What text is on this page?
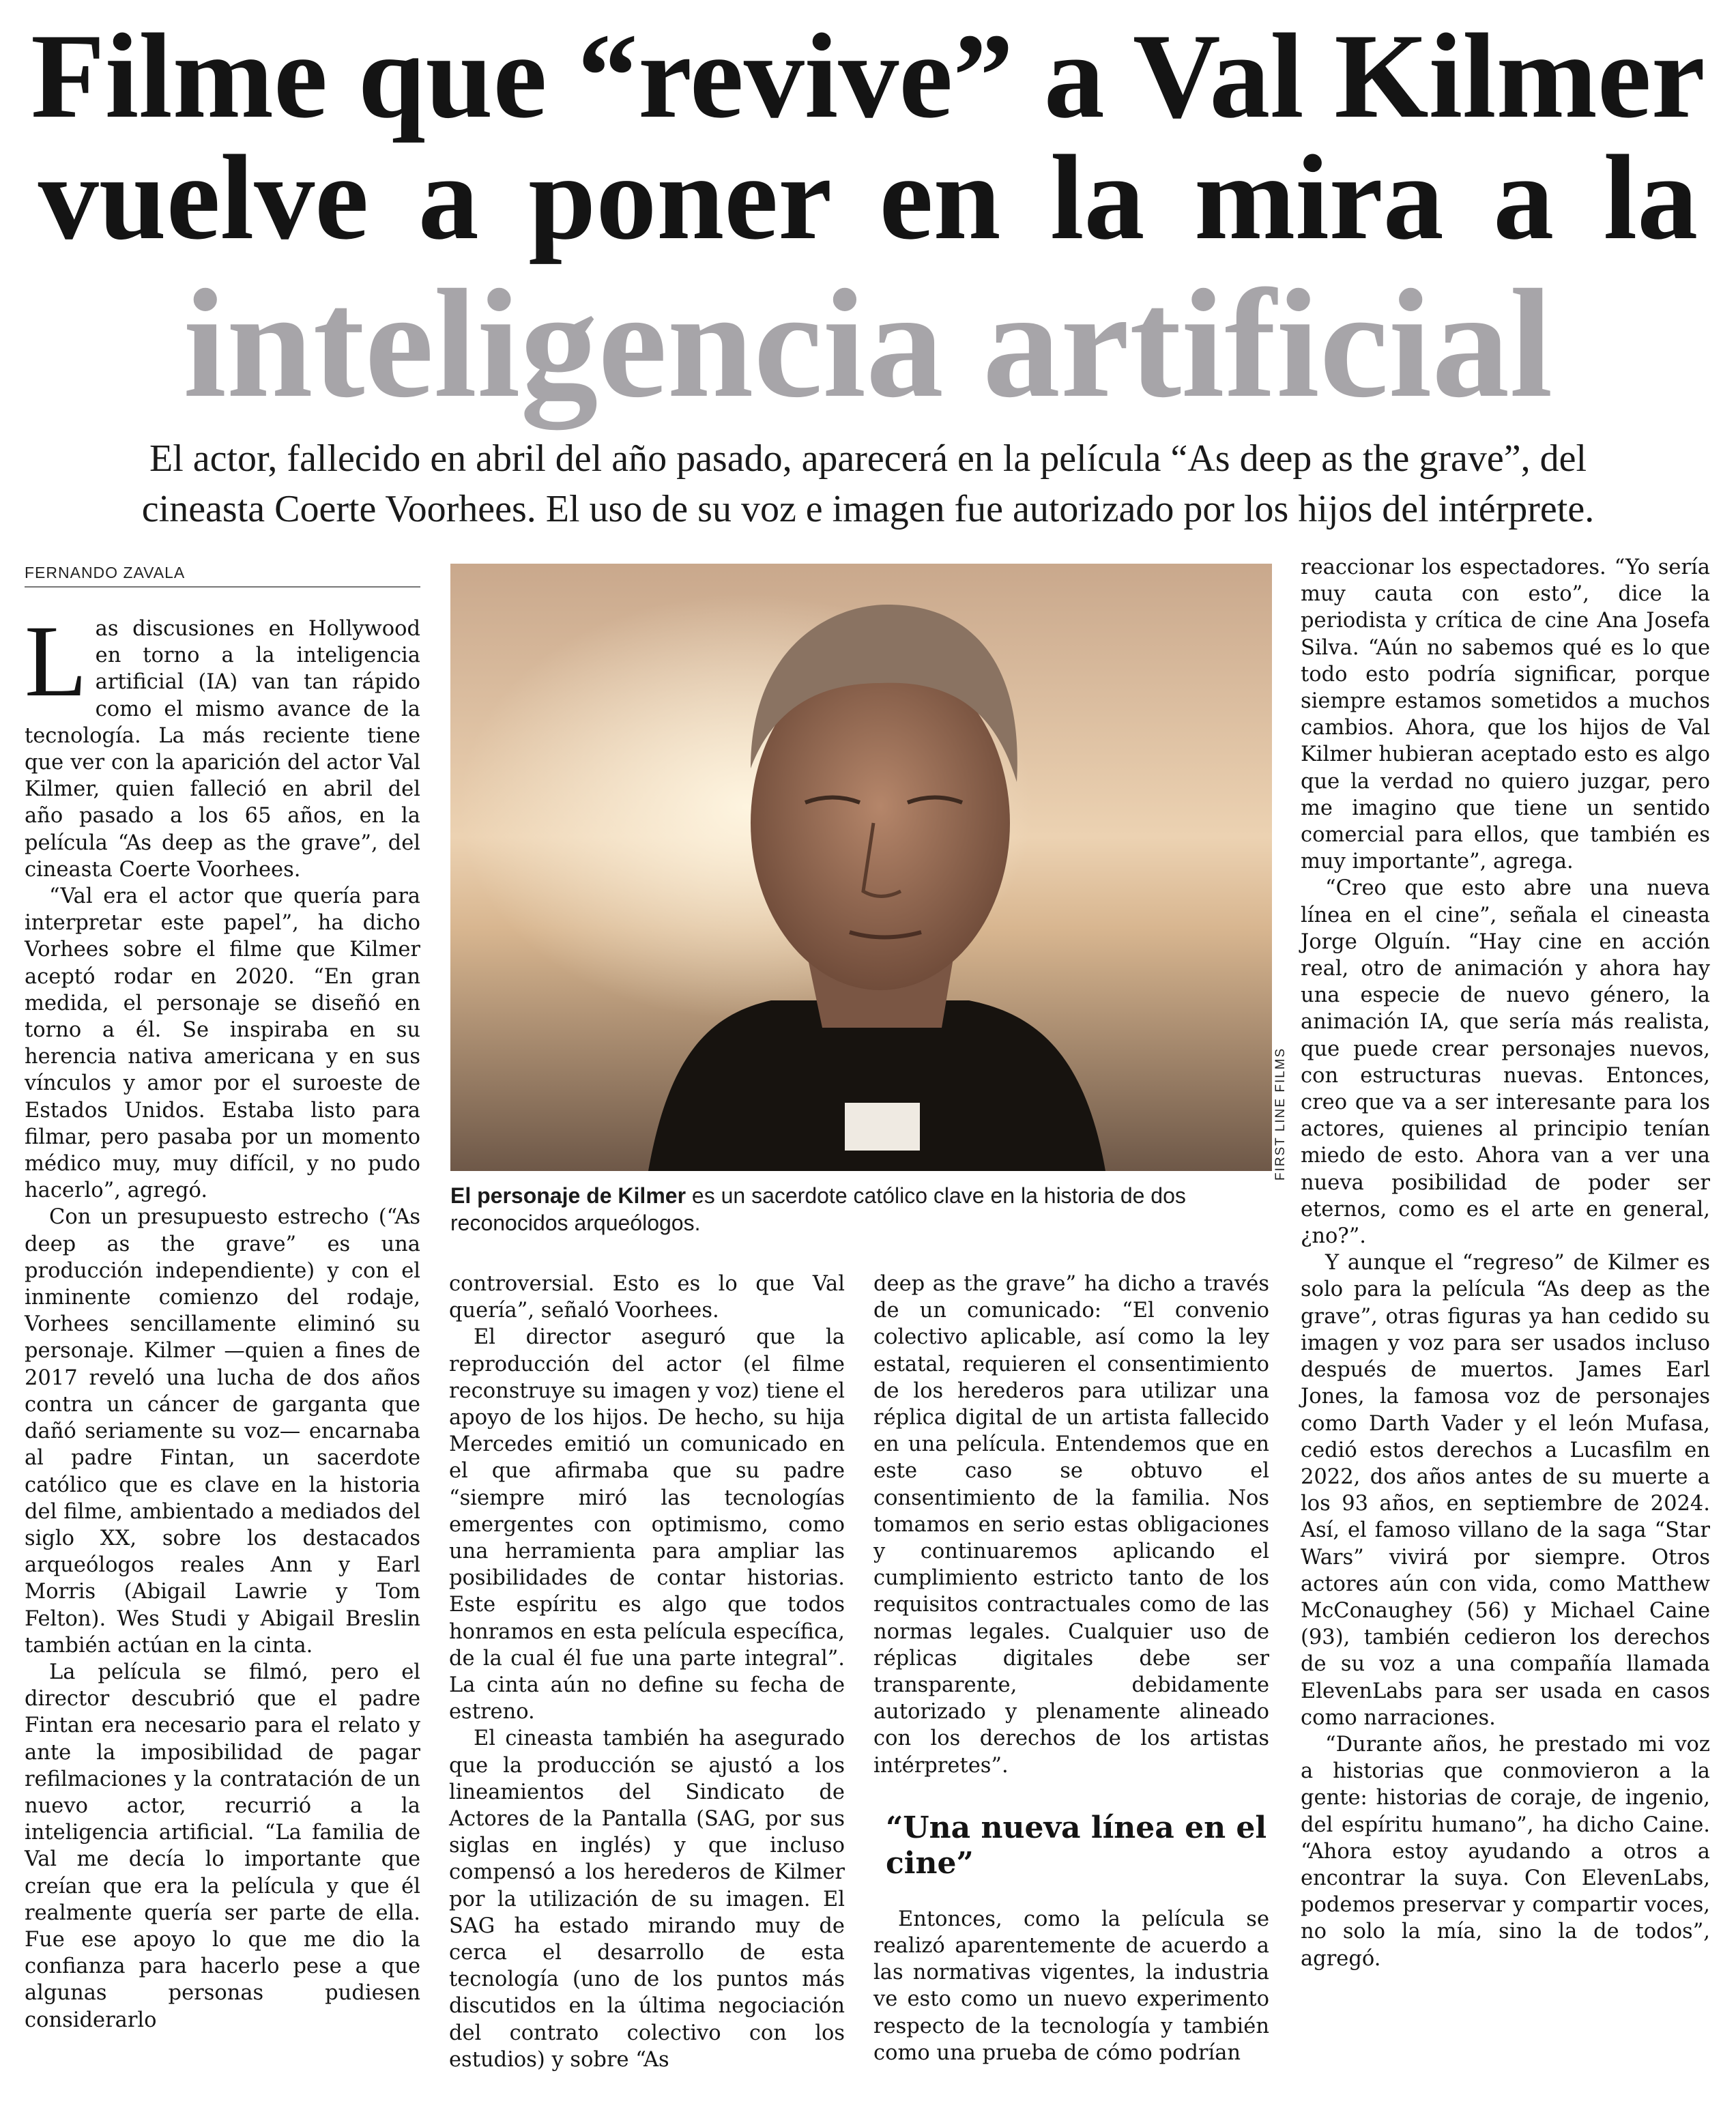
Filme que “revive” a Val Kilmer
vuelve a poner en la mira a la
inteligencia artificial
El actor, fallecido en abril del año pasado, aparecerá en la película “As deep as the grave”, del
cineasta Coerte Voorhees. El uso de su voz e imagen fue autorizado por los hijos del intérprete.
FERNANDO ZAVALA

Las discusiones en Hollywood en torno a la inteligencia artificial (IA) van tan rápido como el mismo avance de la tecnología. La más reciente tiene que ver con la aparición del actor Val Kilmer, quien falleció en abril del año pasado a los 65 años, en la película “As deep as the grave”, del cineasta Coerte Voorhees.

“Val era el actor que quería para interpretar este papel”, ha dicho Vorhees sobre el filme que Kilmer aceptó rodar en 2020. “En gran medida, el personaje se diseñó en torno a él. Se inspiraba en su herencia nativa americana y en sus vínculos y amor por el suroeste de Estados Unidos. Estaba listo para filmar, pero pasaba por un momento médico muy, muy difícil, y no pudo hacerlo”, agregó.

Con un presupuesto estrecho (“As deep as the grave” es una producción independiente) y con el inminente comienzo del rodaje, Vorhees sencillamente eliminó su personaje. Kilmer —quien a fines de 2017 reveló una lucha de dos años contra un cáncer de garganta que dañó seriamente su voz— encarnaba al padre Fintan, un sacerdote católico que es clave en la historia del filme, ambientado a mediados del siglo XX, sobre los destacados arqueólogos reales Ann y Earl Morris (Abigail Lawrie y Tom Felton). Wes Studi y Abigail Breslin también actúan en la cinta.

La película se filmó, pero el director descubrió que el padre Fintan era necesario para el relato y ante la imposibilidad de pagar refilmaciones y la contratación de un nuevo actor, recurrió a la inteligencia artificial. “La familia de Val me decía lo importante que creían que era la película y que él realmente quería ser parte de ella. Fue ese apoyo lo que me dio la confianza para hacerlo pese a que algunas personas pudiesen considerarlo

FIRST LINE FILMS
El personaje de Kilmer es un sacerdote católico clave en la historia de dos reconocidos arqueólogos.

controversial. Esto es lo que Val quería”, señaló Voorhees.

El director aseguró que la reproducción del actor (el filme reconstruye su imagen y voz) tiene el apoyo de los hijos. De hecho, su hija Mercedes emitió un comunicado en el que afirmaba que su padre “siempre miró las tecnologías emergentes con optimismo, como una herramienta para ampliar las posibilidades de contar historias. Este espíritu es algo que todos honramos en esta película específica, de la cual él fue una parte integral”. La cinta aún no define su fecha de estreno.

El cineasta también ha asegurado que la producción se ajustó a los lineamientos del Sindicato de Actores de la Pantalla (SAG, por sus siglas en inglés) y que incluso compensó a los herederos de Kilmer por la utilización de su imagen. El SAG ha estado mirando muy de cerca el desarrollo de esta tecnología (uno de los puntos más discutidos en la última negociación del contrato colectivo con los estudios) y sobre “As

deep as the grave” ha dicho a través de un comunicado: “El convenio colectivo aplicable, así como la ley estatal, requieren el consentimiento de los herederos para utilizar una réplica digital de un artista fallecido en una película. Entendemos que en este caso se obtuvo el consentimiento de la familia. Nos tomamos en serio estas obligaciones y continuaremos aplicando el cumplimiento estricto tanto de los requisitos contractuales como de las normas legales. Cualquier uso de réplicas digitales debe ser transparente, debidamente autorizado y plenamente alineado con los derechos de los artistas intérpretes”.

“Una nueva línea en el cine”

Entonces, como la película se realizó aparentemente de acuerdo a las normativas vigentes, la industria ve esto como un nuevo experimento respecto de la tecnología y también como una prueba de cómo podrían

reaccionar los espectadores. “Yo sería muy cauta con esto”, dice la periodista y crítica de cine Ana Josefa Silva. “Aún no sabemos qué es lo que todo esto podría significar, porque siempre estamos sometidos a muchos cambios. Ahora, que los hijos de Val Kilmer hubieran aceptado esto es algo que la verdad no quiero juzgar, pero me imagino que tiene un sentido comercial para ellos, que también es muy importante”, agrega.

“Creo que esto abre una nueva línea en el cine”, señala el cineasta Jorge Olguín. “Hay cine en acción real, otro de animación y ahora hay una especie de nuevo género, la animación IA, que sería más realista, que puede crear personajes nuevos, con estructuras nuevas. Entonces, creo que va a ser interesante para los actores, quienes al principio tenían miedo de esto. Ahora van a ver una nueva posibilidad de poder ser eternos, como es el arte en general, ¿no?”.

Y aunque el “regreso” de Kilmer es solo para la película “As deep as the grave”, otras figuras ya han cedido su imagen y voz para ser usados incluso después de muertos. James Earl Jones, la famosa voz de personajes como Darth Vader y el león Mufasa, cedió estos derechos a Lucasfilm en 2022, dos años antes de su muerte a los 93 años, en septiembre de 2024. Así, el famoso villano de la saga “Star Wars” vivirá por siempre. Otros actores aún con vida, como Matthew McConaughey (56) y Michael Caine (93), también cedieron los derechos de su voz a una compañía llamada ElevenLabs para ser usada en casos como narraciones.

“Durante años, he prestado mi voz a historias que conmovieron a la gente: historias de coraje, de ingenio, del espíritu humano”, ha dicho Caine. “Ahora estoy ayudando a otros a encontrar la suya. Con ElevenLabs, podemos preservar y compartir voces, no solo la mía, sino la de todos”, agregó.
